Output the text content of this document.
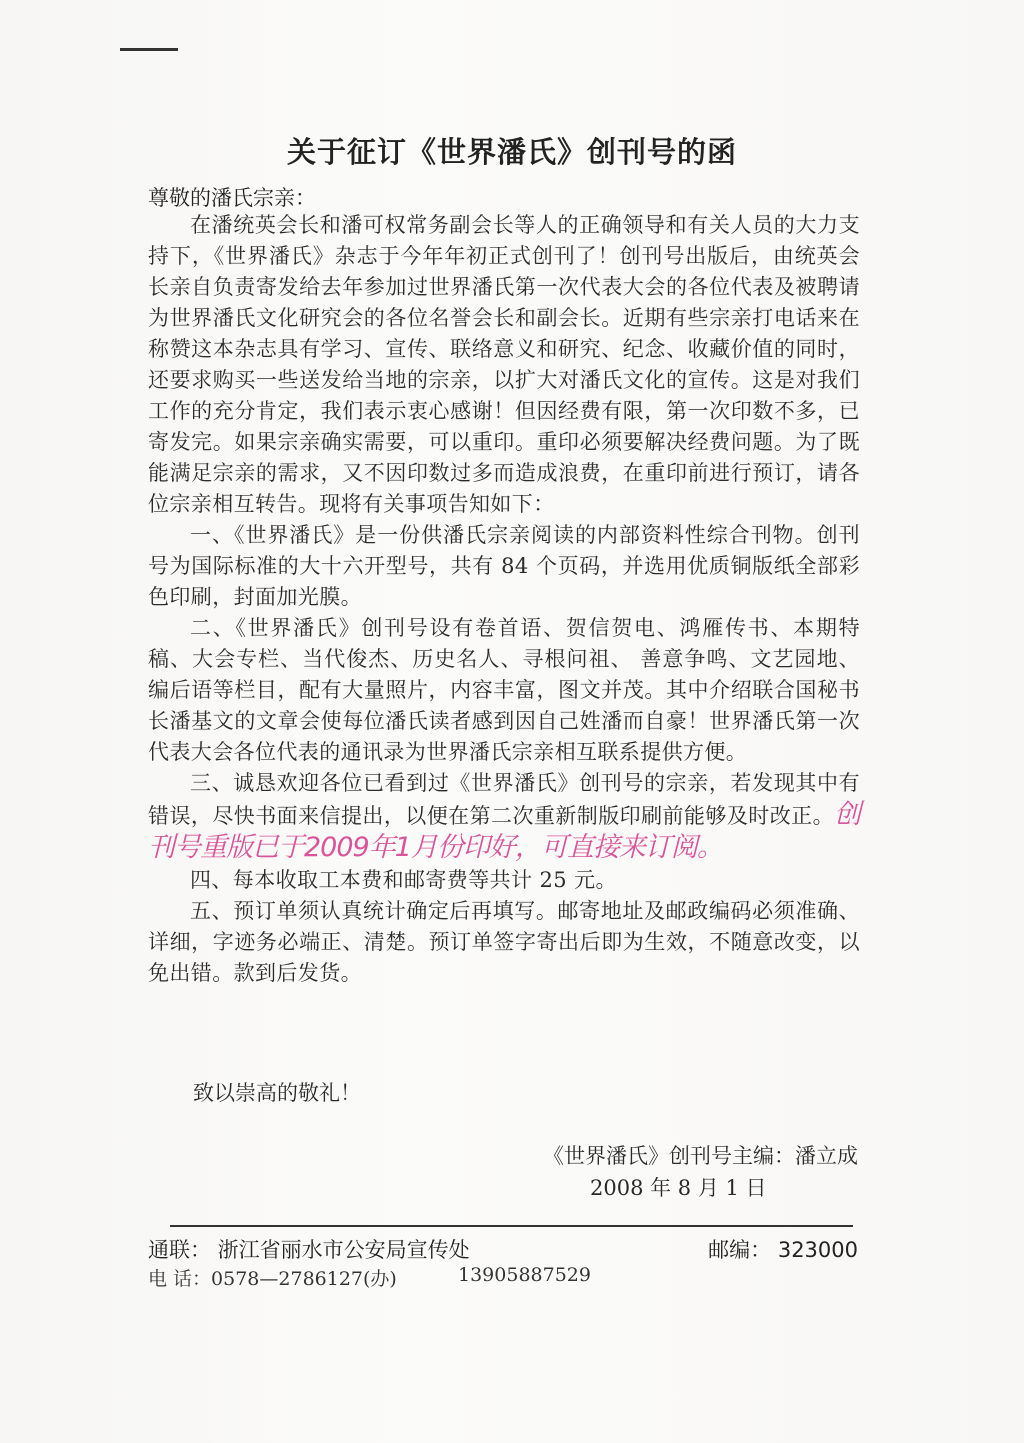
关于征订《世界潘氏》创刊号的函
尊敬的潘氏宗亲：

在潘统英会长和潘可权常务副会长等人的正确领导和有关人员的大力支持下，《世界潘氏》杂志于今年年初正式创刊了！创刊号出版后，由统英会长亲自负责寄发给去年参加过世界潘氏第一次代表大会的各位代表及被聘请为世界潘氏文化研究会的各位名誉会长和副会长。近期有些宗亲打电话来在称赞这本杂志具有学习、宣传、联络意义和研究、纪念、收藏价值的同时，还要求购买一些送发给当地的宗亲，以扩大对潘氏文化的宣传。这是对我们工作的充分肯定，我们表示衷心感谢！但因经费有限，第一次印数不多，已寄发完。如果宗亲确实需要，可以重印。重印必须要解决经费问题。为了既能满足宗亲的需求，又不因印数过多而造成浪费，在重印前进行预订，请各位宗亲相互转告。现将有关事项告知如下：

一、《世界潘氏》是一份供潘氏宗亲阅读的内部资料性综合刊物。创刊号为国际标准的大十六开型号，共有 84 个页码，并选用优质铜版纸全部彩色印刷，封面加光膜。

二、《世界潘氏》创刊号设有卷首语、贺信贺电、鸿雁传书、本期特稿、大会专栏、当代俊杰、历史名人、寻根问祖、 善意争鸣、文艺园地、编后语等栏目，配有大量照片，内容丰富，图文并茂。其中介绍联合国秘书长潘基文的文章会使每位潘氏读者感到因自己姓潘而自豪！世界潘氏第一次代表大会各位代表的通讯录为世界潘氏宗亲相互联系提供方便。

三、诚恳欢迎各位已看到过《世界潘氏》创刊号的宗亲，若发现其中有错误，尽快书面来信提出，以便在第二次重新制版印刷前能够及时改正。创刊号重版已于2009年1月份印好，可直接来订阅。

四、每本收取工本费和邮寄费等共计 25 元。

五、预订单须认真统计确定后再填写。邮寄地址及邮政编码必须准确、详细，字迹务必端正、清楚。预订单签字寄出后即为生效，不随意改变，以免出错。款到后发货。

致以崇高的敬礼！
《世界潘氏》创刊号主编：潘立成
2008 年 8 月 1 日
通联： 浙江省丽水市公安局宣传处	邮编： 323000
电 话：0578—2786127(办)	13905887529
